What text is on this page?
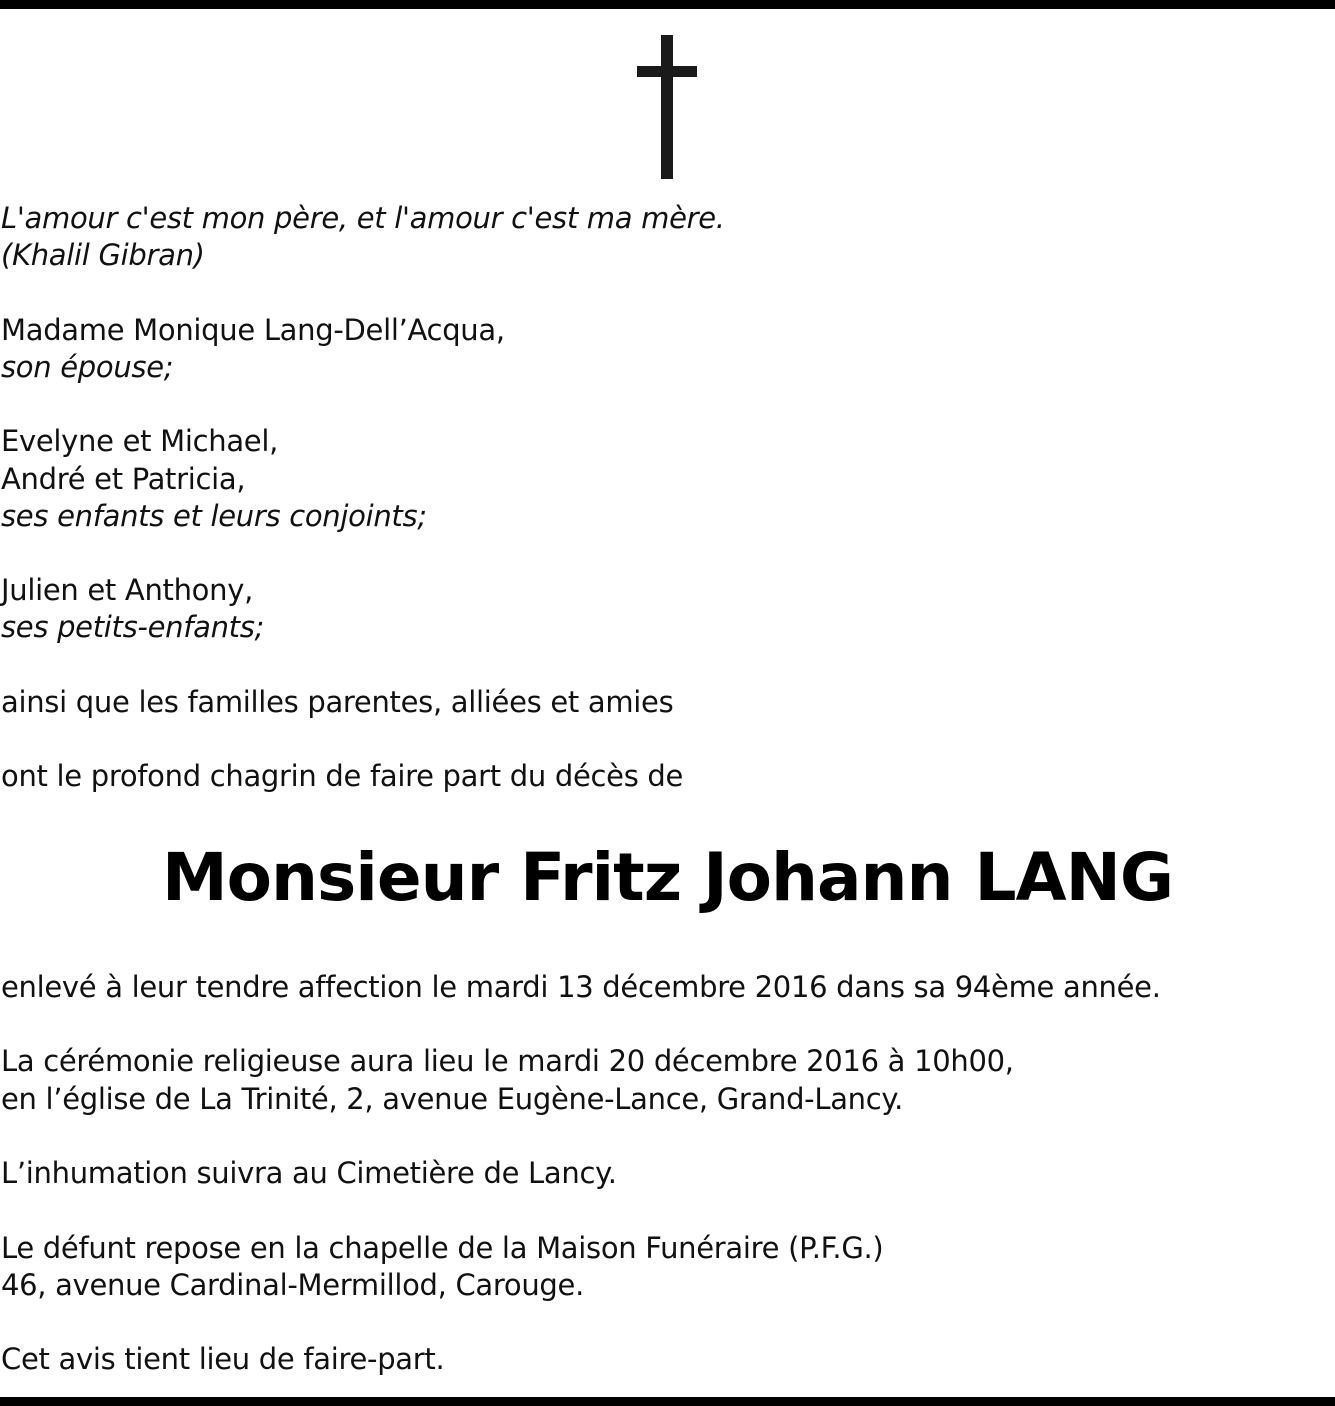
L'amour c'est mon père, et l'amour c'est ma mère.
(Khalil Gibran)
Madame Monique Lang-Dell’Acqua,
son épouse;
Evelyne et Michael,
André et Patricia,
ses enfants et leurs conjoints;
Julien et Anthony,
ses petits-enfants;
ainsi que les familles parentes, alliées et amies
ont le profond chagrin de faire part du décès de
Monsieur Fritz Johann LANG
enlevé à leur tendre affection le mardi 13 décembre 2016 dans sa 94ème année.
La cérémonie religieuse aura lieu le mardi 20 décembre 2016 à 10h00,
en l’église de La Trinité, 2, avenue Eugène-Lance, Grand-Lancy.
L’inhumation suivra au Cimetière de Lancy.
Le défunt repose en la chapelle de la Maison Funéraire (P.F.G.)
46, avenue Cardinal-Mermillod, Carouge.
Cet avis tient lieu de faire-part.
